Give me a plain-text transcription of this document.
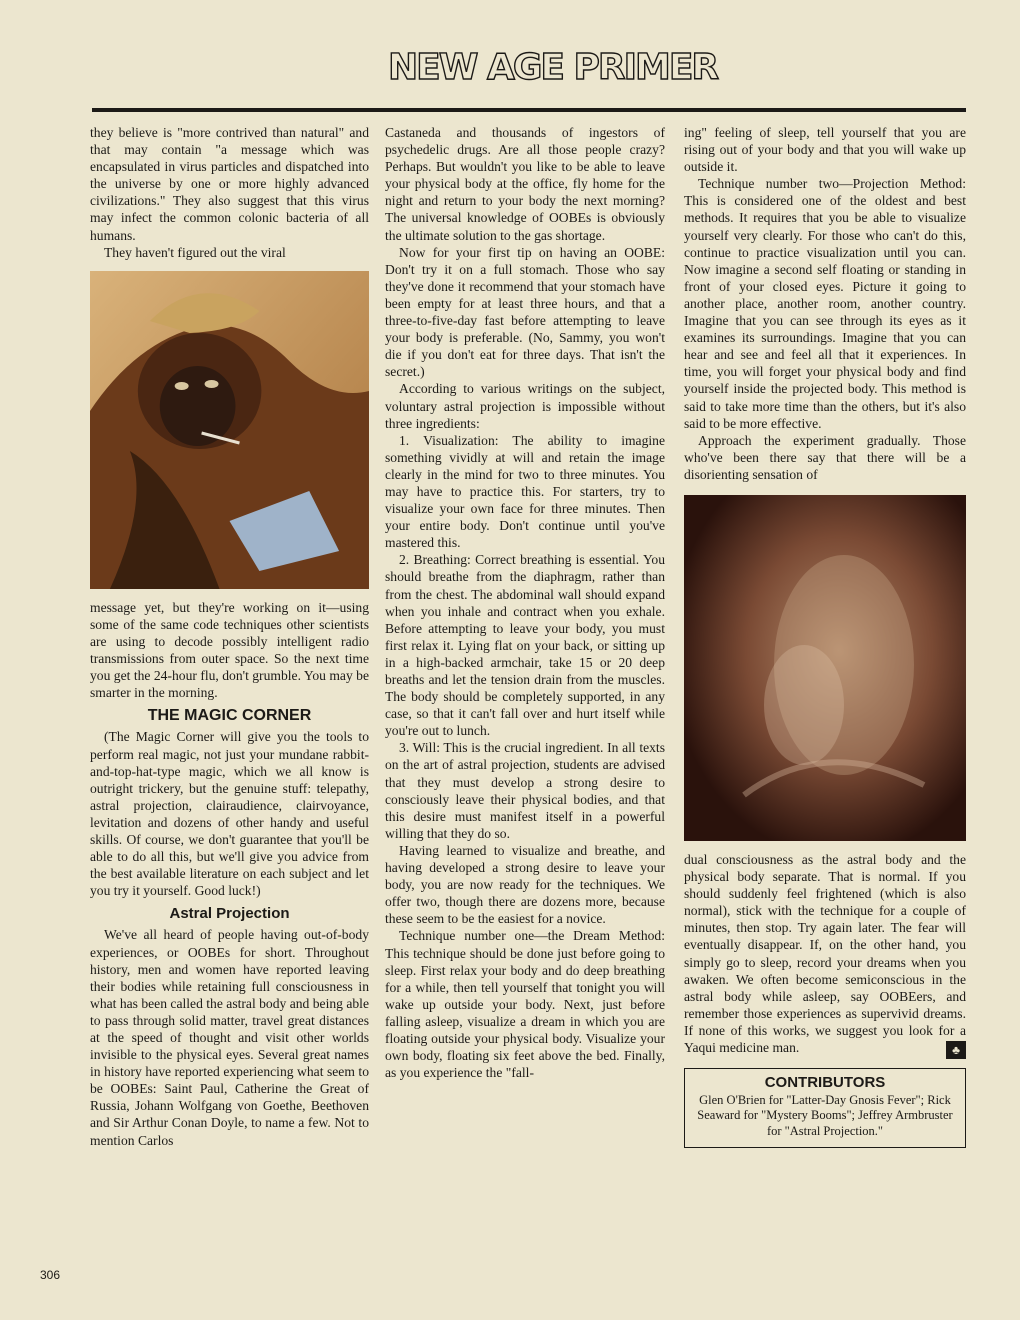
NEW AGE PRIMER

they believe is "more contrived than natural" and that may contain "a message which was encapsulated in virus particles and dispatched into the universe by one or more highly advanced civilizations." They also suggest that this virus may infect the common colonic bacteria of all humans.

They haven't figured out the viral

message yet, but they're working on it—using some of the same code techniques other scientists are using to decode possibly intelligent radio transmissions from outer space. So the next time you get the 24-hour flu, don't grumble. You may be smarter in the morning.

THE MAGIC CORNER

(The Magic Corner will give you the tools to perform real magic, not just your mundane rabbit-and-top-hat-type magic, which we all know is outright trickery, but the genuine stuff: telepathy, astral projection, clairaudience, clairvoyance, levitation and dozens of other handy and useful skills. Of course, we don't guarantee that you'll be able to do all this, but we'll give you advice from the best available literature on each subject and let you try it yourself. Good luck!)

Astral Projection

We've all heard of people having out-of-body experiences, or OOBEs for short. Throughout history, men and women have reported leaving their bodies while retaining full consciousness in what has been called the astral body and being able to pass through solid matter, travel great distances at the speed of thought and visit other worlds invisible to the physical eyes. Several great names in history have reported experiencing what seem to be OOBEs: Saint Paul, Catherine the Great of Russia, Johann Wolfgang von Goethe, Beethoven and Sir Arthur Conan Doyle, to name a few. Not to mention Carlos

Castaneda and thousands of ingestors of psychedelic drugs. Are all those people crazy? Perhaps. But wouldn't you like to be able to leave your physical body at the office, fly home for the night and return to your body the next morning? The universal knowledge of OOBEs is obviously the ultimate solution to the gas shortage.

Now for your first tip on having an OOBE: Don't try it on a full stomach. Those who say they've done it recommend that your stomach have been empty for at least three hours, and that a three-to-five-day fast before attempting to leave your body is preferable. (No, Sammy, you won't die if you don't eat for three days. That isn't the secret.)

According to various writings on the subject, voluntary astral projection is impossible without three ingredients:

1. Visualization: The ability to imagine something vividly at will and retain the image clearly in the mind for two to three minutes. You may have to practice this. For starters, try to visualize your own face for three minutes. Then your entire body. Don't continue until you've mastered this.

2. Breathing: Correct breathing is essential. You should breathe from the diaphragm, rather than from the chest. The abdominal wall should expand when you inhale and contract when you exhale. Before attempting to leave your body, you must first relax it. Lying flat on your back, or sitting up in a high-backed armchair, take 15 or 20 deep breaths and let the tension drain from the muscles. The body should be completely supported, in any case, so that it can't fall over and hurt itself while you're out to lunch.

3. Will: This is the crucial ingredient. In all texts on the art of astral projection, students are advised that they must develop a strong desire to consciously leave their physical bodies, and that this desire must manifest itself in a powerful willing that they do so.

Having learned to visualize and breathe, and having developed a strong desire to leave your body, you are now ready for the techniques. We offer two, though there are dozens more, because these seem to be the easiest for a novice.

Technique number one—the Dream Method: This technique should be done just before going to sleep. First relax your body and do deep breathing for a while, then tell yourself that tonight you will wake up outside your body. Next, just before falling asleep, visualize a dream in which you are floating outside your physical body. Visualize your own body, floating six feet above the bed. Finally, as you experience the "fall-

ing" feeling of sleep, tell yourself that you are rising out of your body and that you will wake up outside it.

Technique number two—Projection Method: This is considered one of the oldest and best methods. It requires that you be able to visualize yourself very clearly. For those who can't do this, continue to practice visualization until you can. Now imagine a second self floating or standing in front of your closed eyes. Picture it going to another place, another room, another country. Imagine that you can see through its eyes as it examines its surroundings. Imagine that you can hear and see and feel all that it experiences. In time, you will forget your physical body and find yourself inside the projected body. This method is said to take more time than the others, but it's also said to be more effective.

Approach the experiment gradually. Those who've been there say that there will be a disorienting sensation of

dual consciousness as the astral body and the physical body separate. That is normal. If you should suddenly feel frightened (which is also normal), stick with the technique for a couple of minutes, then stop. Try again later. The fear will eventually disappear. If, on the other hand, you simply go to sleep, record your dreams when you awaken. We often become semiconscious in the astral body while asleep, say OOBEers, and remember those experiences as supervivid dreams. If none of this works, we suggest you look for a Yaqui medicine man.	♣

CONTRIBUTORS
Glen O'Brien for "Latter-Day Gnosis Fever"; Rick Seaward for "Mystery Booms"; Jeffrey Armbruster for "Astral Projection."
306
